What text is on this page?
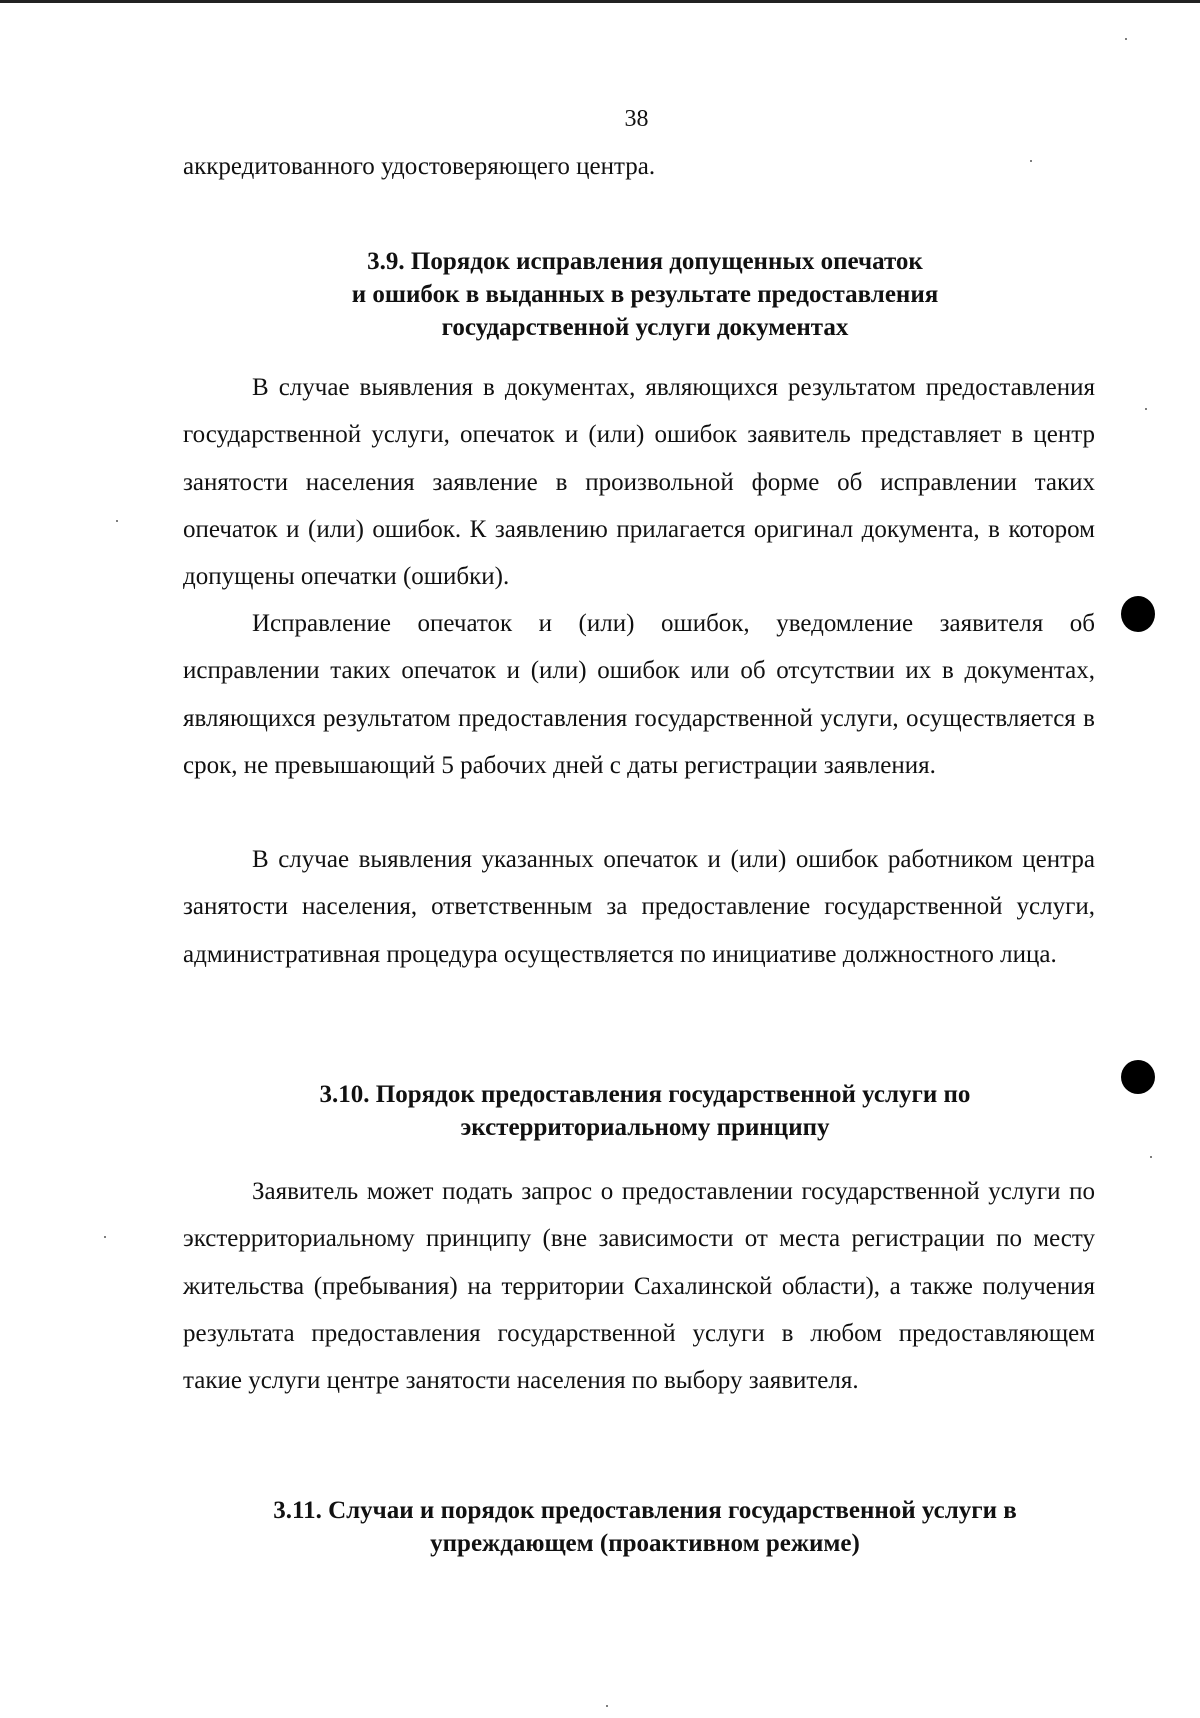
38
аккредитованного удостоверяющего центра.
3.9. Порядок исправления допущенных опечаток
и ошибок в выданных в результате предоставления
государственной услуги документах
В случае выявления в документах, являющихся результатом предоставления государственной услуги, опечаток и (или) ошибок заявитель представляет в центр занятости населения заявление в произвольной форме об исправлении таких опечаток и (или) ошибок. К заявлению прилагается оригинал документа, в котором допущены опечатки (ошибки).
Исправление опечаток и (или) ошибок, уведомление заявителя об исправлении таких опечаток и (или) ошибок или об отсутствии их в документах, являющихся результатом предоставления государственной услуги, осуществляется в срок, не превышающий 5 рабочих дней с даты регистрации заявления.
В случае выявления указанных опечаток и (или) ошибок работником центра занятости населения, ответственным за предоставление государственной услуги, административная процедура осуществляется по инициативе должностного лица.
3.10. Порядок предоставления государственной услуги по
экстерриториальному принципу
Заявитель может подать запрос о предоставлении государственной услуги по экстерриториальному принципу (вне зависимости от места регистрации по месту жительства (пребывания) на территории Сахалинской области), а также получения результата предоставления государственной услуги в любом предоставляющем такие услуги центре занятости населения по выбору заявителя.
3.11. Случаи и порядок предоставления государственной услуги в
упреждающем (проактивном режиме)
